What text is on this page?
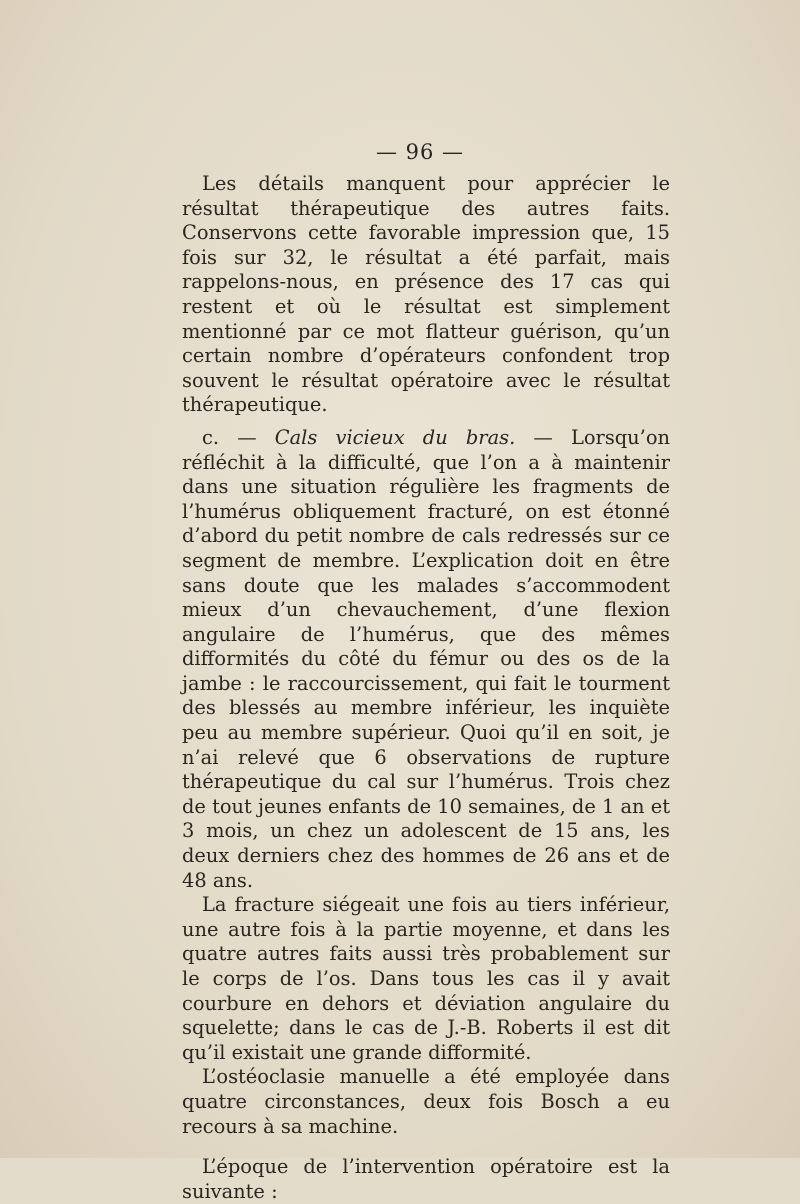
— 96 —

Les détails manquent pour apprécier le résultat thérapeutique des autres faits. Conservons cette favorable impression que, 15 fois sur 32, le résultat a été parfait, mais rappelons-nous, en présence des 17 cas qui restent et où le résultat est simplement mentionné par ce mot flatteur guérison, qu’un certain nombre d’opérateurs confondent trop souvent le résultat opératoire avec le résultat thérapeutique.

c. — Cals vicieux du bras. — Lorsqu’on réfléchit à la difficulté, que l’on a à maintenir dans une situation régulière les fragments de l’humérus obliquement fracturé, on est étonné d’abord du petit nombre de cals redressés sur ce segment de membre. L’explication doit en être sans doute que les malades s’accommodent mieux d’un chevauchement, d’une flexion angulaire de l’humérus, que des mêmes difformités du côté du fémur ou des os de la jambe : le raccourcissement, qui fait le tourment des blessés au membre inférieur, les inquiète peu au membre supérieur. Quoi qu’il en soit, je n’ai relevé que 6 observations de rupture thérapeutique du cal sur l’humérus. Trois chez de tout jeunes enfants de 10 semaines, de 1 an et 3 mois, un chez un adolescent de 15 ans, les deux derniers chez des hommes de 26 ans et de 48 ans.

La fracture siégeait une fois au tiers inférieur, une autre fois à la partie moyenne, et dans les quatre autres faits aussi très probablement sur le corps de l’os. Dans tous les cas il y avait courbure en dehors et déviation angulaire du squelette; dans le cas de J.-B. Roberts il est dit qu’il existait une grande difformité.

L’ostéoclasie manuelle a été employée dans quatre circonstances, deux fois Bosch a eu recours à sa machine.

L’époque de l’intervention opératoire est la suivante :
